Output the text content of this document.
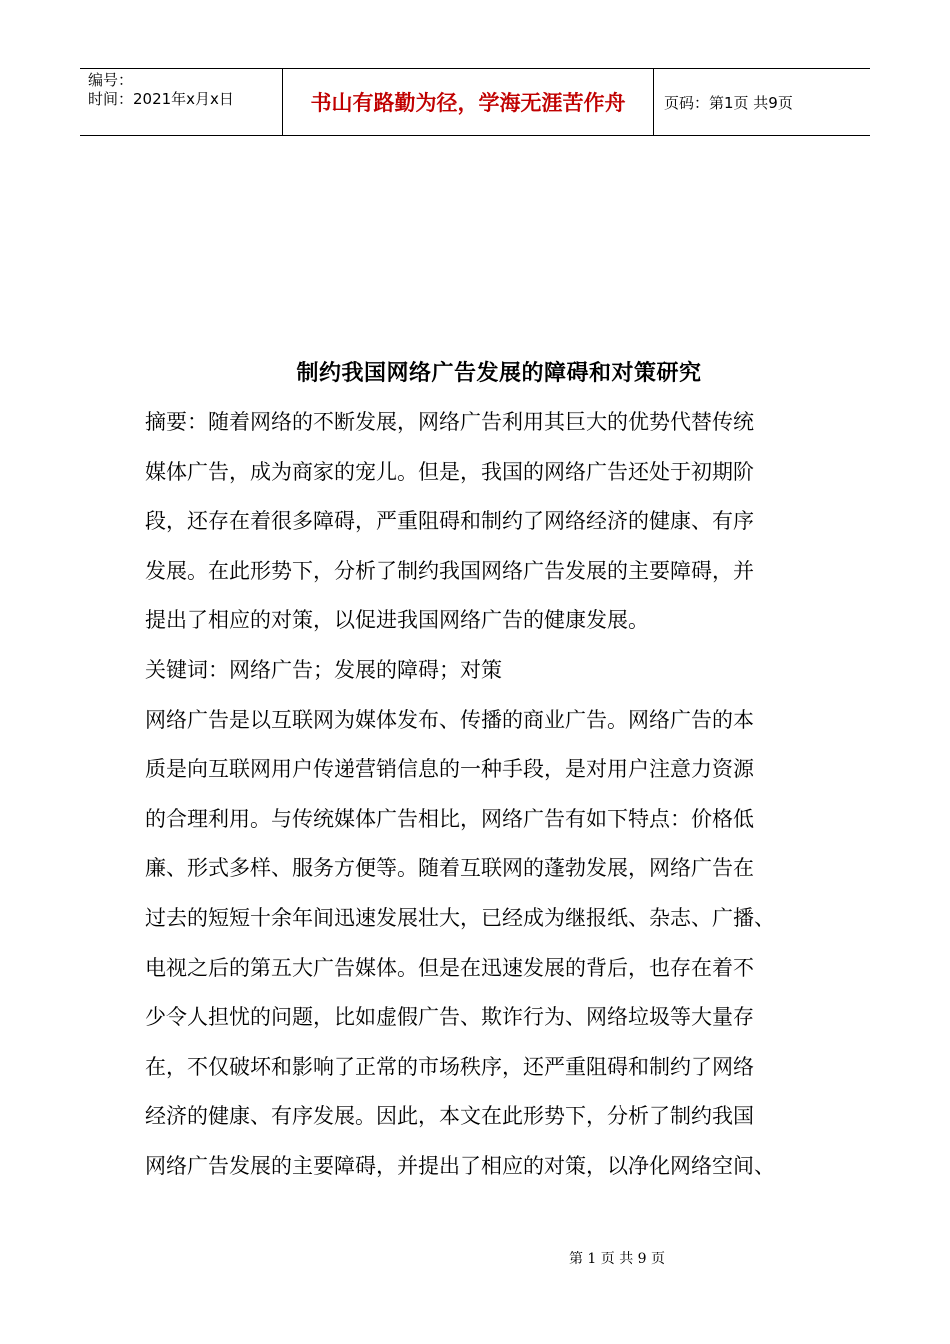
编号：
时间：2021年x月x日	书山有路勤为径，学海无涯苦作舟	页码：第1页 共9页
制约我国网络广告发展的障碍和对策研究
摘要：随着网络的不断发展，网络广告利用其巨大的优势代替传统
媒体广告，成为商家的宠儿。但是，我国的网络广告还处于初期阶
段，还存在着很多障碍，严重阻碍和制约了网络经济的健康、有序
发展。在此形势下，分析了制约我国网络广告发展的主要障碍，并
提出了相应的对策，以促进我国网络广告的健康发展。
关键词：网络广告；发展的障碍；对策
网络广告是以互联网为媒体发布、传播的商业广告。网络广告的本
质是向互联网用户传递营销信息的一种手段，是对用户注意力资源
的合理利用。与传统媒体广告相比，网络广告有如下特点：价格低
廉、形式多样、服务方便等。随着互联网的蓬勃发展，网络广告在
过去的短短十余年间迅速发展壮大，已经成为继报纸、杂志、广播、
电视之后的第五大广告媒体。但是在迅速发展的背后，也存在着不
少令人担忧的问题，比如虚假广告、欺诈行为、网络垃圾等大量存
在，不仅破坏和影响了正常的市场秩序，还严重阻碍和制约了网络
经济的健康、有序发展。因此，本文在此形势下，分析了制约我国
网络广告发展的主要障碍，并提出了相应的对策，以净化网络空间、
第 1 页 共 9 页
